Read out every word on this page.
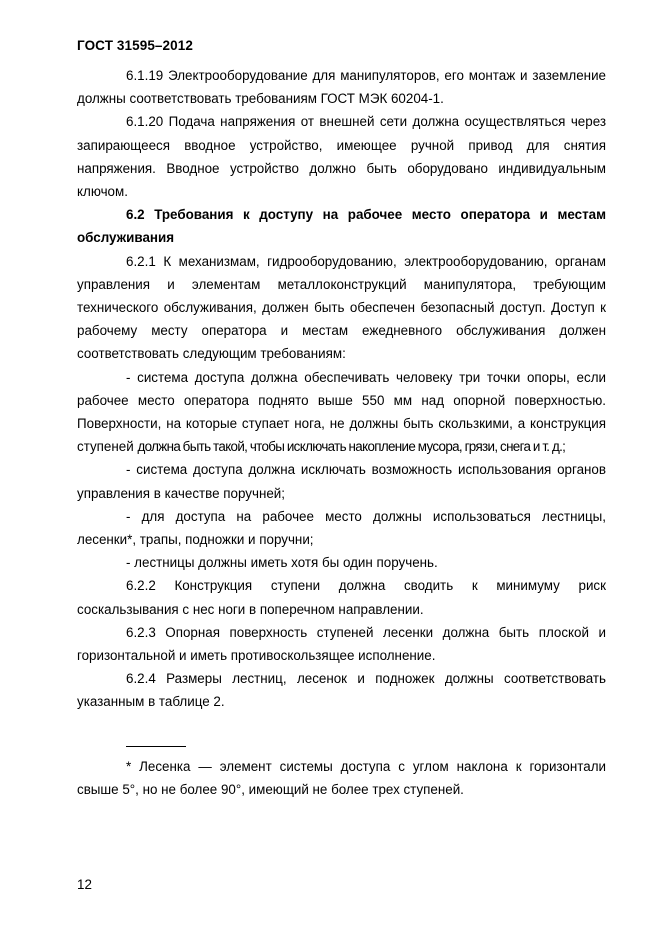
ГОСТ 31595–2012

6.1.19 Электрооборудование для манипуляторов, его монтаж и заземление должны соответствовать требованиям ГОСТ МЭК 60204-1.

6.1.20 Подача напряжения от внешней сети должна осуществляться через запирающееся вводное устройство, имеющее ручной привод для снятия напряжения. Вводное устройство должно быть оборудовано индивидуальным ключом.

6.2 Требования к доступу на рабочее место оператора и местам обслуживания

6.2.1 К механизмам, гидрооборудованию, электрооборудованию, органам управления и элементам металлоконструкций манипулятора, требующим технического обслуживания, должен быть обеспечен безопасный доступ. Доступ к рабочему месту оператора и местам ежедневного обслуживания должен соответствовать следующим требованиям:

- система доступа должна обеспечивать человеку три точки опоры, если рабочее место оператора поднято выше 550 мм над опорной поверхностью. Поверхности, на которые ступает нога, не должны быть скользкими, а конструкция ступеней должна быть такой, чтобы исключать накопление мусора, грязи, снега и т. д.;

- система доступа должна исключать возможность использования органов управления в качестве поручней;

- для доступа на рабочее место должны использоваться лестницы, лесенки*, трапы, подножки и поручни;

- лестницы должны иметь хотя бы один поручень.

6.2.2 Конструкция ступени должна сводить к минимуму риск соскальзывания с нес ноги в поперечном направлении.

6.2.3 Опорная поверхность ступеней лесенки должна быть плоской и горизонтальной и иметь противоскользящее исполнение.

6.2.4 Размеры лестниц, лесенок и подножек должны соответствовать указанным в таблице 2.

* Лесенка — элемент системы доступа с углом наклона к горизонтали свыше 5°, но не более 90°, имеющий не более трех ступеней.

12
